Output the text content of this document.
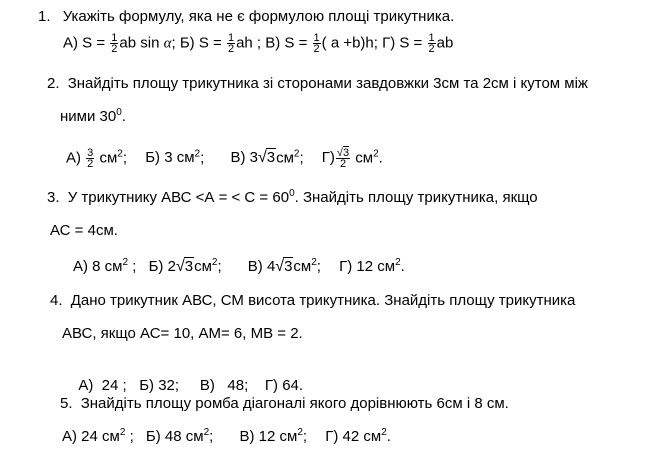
1. Укажіть формулу, яка не є формулою площі трикутника.
А) $S = \frac{1}{2}$ ab sin α; Б) $S = \frac{1}{2}$ ah ; В) $S = \frac{1}{2}$ ( a +b)h; Г) $S = \frac{1}{2}$ ab
2. Знайдіть площу трикутника зі сторонами завдовжки 3см та 2см і кутом між
ними $30^0$.
$А) \frac{3}{2} см^2$; Б) 3 $см^2$; В) $3√3см^2$; $Г) \frac{√3}{2} см^2$.
3. У трикутнику АВС <А = < $С = 60^0$. Знайдіть площу трикутника, якщо
АС = 4см.
А) 8 $см^2$ ; Б) $2√3см^2$; В) $4√3см^2$; Г) 12 $см^2$.
4. Дано трикутник АВС, СМ висота трикутника. Знайдіть площу трикутника
АВС, якщо АС= 10, АМ= 6, МВ = 2.

А)  24 ;   Б) 32;     В)   48;    Г) 64.

5. Знайдіть площу ромба діагоналі якого дорівнюють 6см і 8 см.
А) 24 $см^2$ ; Б) 48 $см^2$; В) 12 $см^2$; Г) 42 $см^2$.
